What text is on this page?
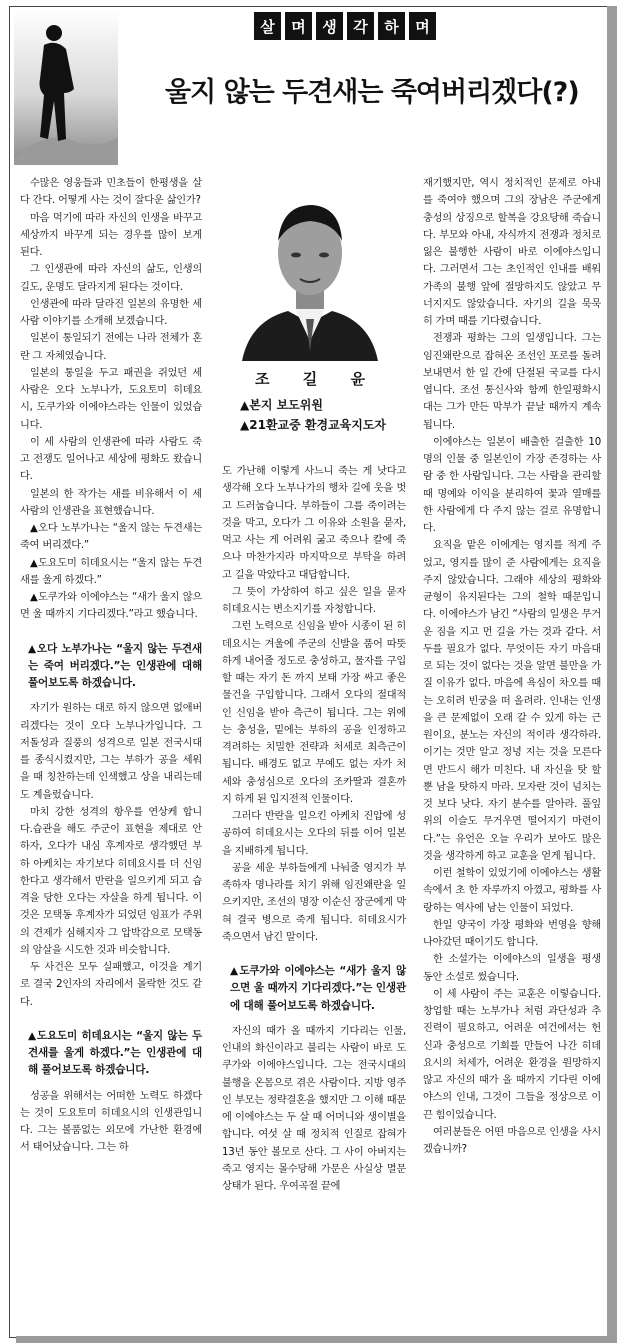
살	며	생	각	하	며
울지 않는 두견새는 죽여버리겠다(?)
조 길 윤
▲본지 보도위원
▲21환교중 환경교육지도자

수많은 영웅들과 민초들이 한평생을 살다 간다. 어떻게 사는 것이 잘다운 삶인가?

마음 먹기에 따라 자신의 인생을 바꾸고 세상까지 바꾸게 되는 경우를 많이 보게 된다.

그 인생관에 따라 자신의 삶도, 인생의 길도, 운명도 달라지게 된다는 것이다.

인생관에 따라 달라진 일본의 유명한 세 사람 이야기를 소개해 보겠습니다.

일본이 통일되기 전에는 나라 전체가 혼란 그 자체였습니다.

일본의 통일을 두고 패권을 쥐었던 세 사람은 오다 노부나가, 도요토미 히데요시, 도쿠가와 이에야스라는 인물이 있었습니다.

이 세 사람의 인생관에 따라 사람도 죽고 전쟁도 일어나고 세상에 평화도 왔습니다.

일본의 한 작가는 새를 비유해서 이 세 사람의 인생관을 표현했습니다.

▲오다 노부가나는 “울지 않는 두견새는 죽여 버리겠다.”

▲도요도미 히데요시는 “울지 않는 두견새를 울게 하겠다.”

▲도쿠가와 이에야스는 “새가 울지 않으면 울 때까지 기다리겠다.”라고 했습니다.

▲오다 노부가나는 “울지 않는 두견새는 죽여 버리겠다.”는 인생관에 대해 풀어보도록 하겠습니다.

자기가 원하는 대로 하지 않으면 없애버리겠다는 것이 오다 노부나가입니다. 그 저돌성과 질풍의 성격으로 일본 전국시대를 종식시켰지만, 그는 부하가 공을 세워을 때 칭찬하는데 인색했고 상을 내리는데도 계을렀습니다.

마치 강한 성격의 항우를 연상케 합니다.습관을 해도 주군이 표현을 제대로 안하자, 오다가 내심 후계자로 생각했던 부하 아케치는 자기보다 히데요시를 더 신임한다고 생각해서 반란을 일으키게 되고 습격을 당한 오다는 자살을 하게 됩니다. 이것은 모택동 후계자가 되었던 임표가 주위의 견제가 심해지자 그 압박감으로 모택동의 암살을 시도한 것과 비슷합니다.

두 사건은 모두 실패했고, 이것을 계기로 결국 2인자의 자리에서 몰락한 것도 같다.

▲도요도미 히데요시는 “울지 않는 두견새를 울게 하겠다.”는 인생관에 대해 풀어보도록 하겠습니다.

성공을 위해서는 어떠한 노력도 하겠다는 것이 도요토미 히데요시의 인생관입니다. 그는 볼품없는 외모에 가난한 환경에서 태어났습니다. 그는 하

도 가난해 이렇게 사느니 죽는 게 낫다고 생각해 오다 노부나가의 행차 길에 웃을 벗고 드러눕습니다. 부하들이 그를 죽이려는 것을 막고, 오다가 그 이유와 소원을 묻자, 먹고 사는 게 어려워 굶고 죽으나 칼에 죽으나 마찬가지라 마지막으로 부탁을 하려고 길을 막았다고 대답합니다.

그 뜻이 가상하여 하고 싶은 일을 묻자 히데요시는 변소지기를 자청합니다.

그런 노력으로 신임을 받아 시종이 된 히데요시는 겨울에 주군의 신발을 품어 따뜻하게 내어줄 정도로 충성하고, 물자를 구입할 때는 자기 돈 까지 보태 가장 싸고 좋은 물건을 구입합니다. 그래서 오다의 절대적인 신임을 받아 측근이 됩니다. 그는 위에는 충성을, 밑에는 부하의 공을 인정하고 격려하는 치밀한 전략과 처세로 최측근이 됩니다. 배경도 없고 무예도 없는 자가 처세와 충성심으로 오다의 조카딸과 결혼까지 하게 된 입지전적 인물이다.

그러다 반란을 일으킨 아케치 진압에 성공하여 히데요시는 오다의 뒤를 이어 일본을 지배하게 됩니다.

공을 세운 부하들에게 나눠줄 영지가 부족하자 명나라를 치기 위해 임진왜란을 일으키지만, 조선의 명장 이순신 장군에게 막혀 결국 병으로 죽게 됩니다. 히데요시가 죽으면서 남긴 말이다.

▲도쿠가와 이에야스는 “새가 울지 않으면 울 때까지 기다리겠다.”는 인생관에 대해 풀어보도록 하겠습니다.

자신의 때가 올 때까지 기다리는 인물, 인내의 화신이라고 불리는 사람이 바로 도쿠가와 이에야스입니다. 그는 전국시대의 불행을 온몸으로 겪은 사람이다. 지방 영주인 부모는 정략결혼을 했지만 그 이해 때문에 이에야스는 두 살 때 어머니와 생이별을 합니다. 여섯 살 때 정치적 인질로 잡혀가 13년 동안 볼모로 산다. 그 사이 아버지는 죽고 영지는 몰수당해 가문은 사실상 멸문상태가 된다. 우여곡절 끝에

재기했지만, 역시 정치적인 문제로 아내를 죽여야 했으며 그의 장남은 주군에게 충성의 상징으로 할복을 강요당해 죽습니다. 부모와 아내, 자식까지 전쟁과 정치로 잃은 불행한 사람이 바로 이에야스입니다. 그러면서 그는 초인적인 인내를 배워 가족의 불행 앞에 절망하지도 않았고 무너지지도 않았습니다. 자기의 길을 묵묵히 가며 때를 기다렸습니다.

전쟁과 평화는 그의 일생입니다. 그는 임진왜란으로 잡혀온 조선인 포로를 돌려보내면서 한 일 간에 단절된 국교를 다시 엽니다. 조선 통신사와 함께 한일평화시대는 그가 만든 막부가 끝날 때까지 계속됩니다.

이에야스는 일본이 배출한 걸출한 10명의 인물 중 일본인이 가장 존경하는 사람 중 한 사람입니다. 그는 사람을 관리할 때 명예와 이익을 분리하여 꽃과 열매를 한 사람에게 다 주지 않는 걸로 유명합니다.

요직을 맡은 이에게는 영지를 적게 주었고, 영지를 많이 준 사람에게는 요직을 주지 않았습니다. 그래야 세상의 평화와 균형이 유지된다는 그의 철학 때문입니다. 이에야스가 남긴 “사람의 일생은 무거운 짐을 지고 먼 길을 가는 것과 같다. 서두를 필요가 없다. 무엇이든 자기 마음대로 되는 것이 없다는 것을 알면 불만을 가질 이유가 없다. 마음에 욕심이 차오를 때는 오히려 빈궁을 떠 올려라. 인내는 인생을 큰 문제없이 오래 갈 수 있게 하는 근원이요, 분노는 자신의 적이라 생각하라. 이기는 것만 알고 정녕 지는 것을 모른다면 반드시 해가 미친다. 내 자신을 탓 할뿐 남을 탓하지 마라. 모자란 것이 넘치는 것 보다 낫다. 자기 분수를 알아라. 풀잎 위의 이슬도 무거우면 떨어지기 마련이다.”는 유언은 오늘 우리가 보아도 많은 것을 생각하게 하고 교훈을 얻게 됩니다.

이런 철학이 있었기에 이에야스는 생활 속에서 초 한 자루까지 아꼈고, 평화를 사랑하는 역사에 남는 인물이 되었다.

한일 양국이 가장 평화와 번영을 향해 나아갔던 때이기도 합니다.

한 소설가는 이에야스의 일생을 평생 동안 소설로 썼습니다.

이 세 사람이 주는 교훈은 이렇습니다. 창업할 때는 노부가나 처럼 과단성과 추진력이 필요하고, 어려운 여건에서는 헌신과 충성으로 기회를 만들어 나간 히데요시의 처세가, 어려운 환경을 원망하지 않고 자신의 때가 올 때까지 기다린 이에야스의 인내, 그것이 그들을 정상으로 이끈 힘이었습니다.

여러분들은 어떤 마음으로 인생을 사시겠습니까?
